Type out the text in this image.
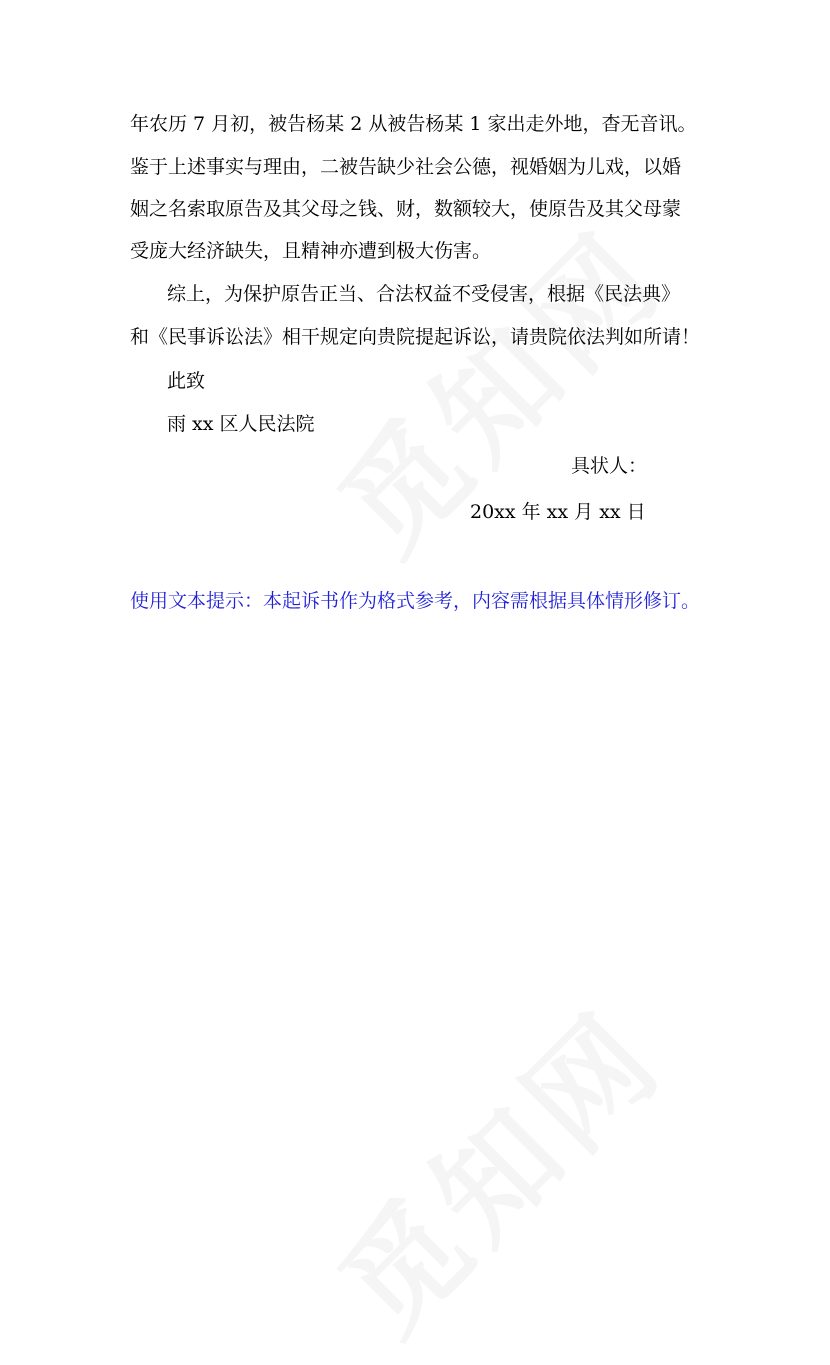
年农历 7 月初，被告杨某 2 从被告杨某 1 家出走外地，杳无音讯。
鉴于上述事实与理由，二被告缺少社会公德，视婚姻为儿戏，以婚
姻之名索取原告及其父母之钱、财，数额较大，使原告及其父母蒙
受庞大经济缺失，且精神亦遭到极大伤害。
综上，为保护原告正当、合法权益不受侵害，根据《民法典》
和《民事诉讼法》相干规定向贵院提起诉讼，请贵院依法判如所请！
此致
雨 xx 区人民法院
具状人：
20xx 年 xx 月 xx 日
使用文本提示：本起诉书作为格式参考，内容需根据具体情形修订。
